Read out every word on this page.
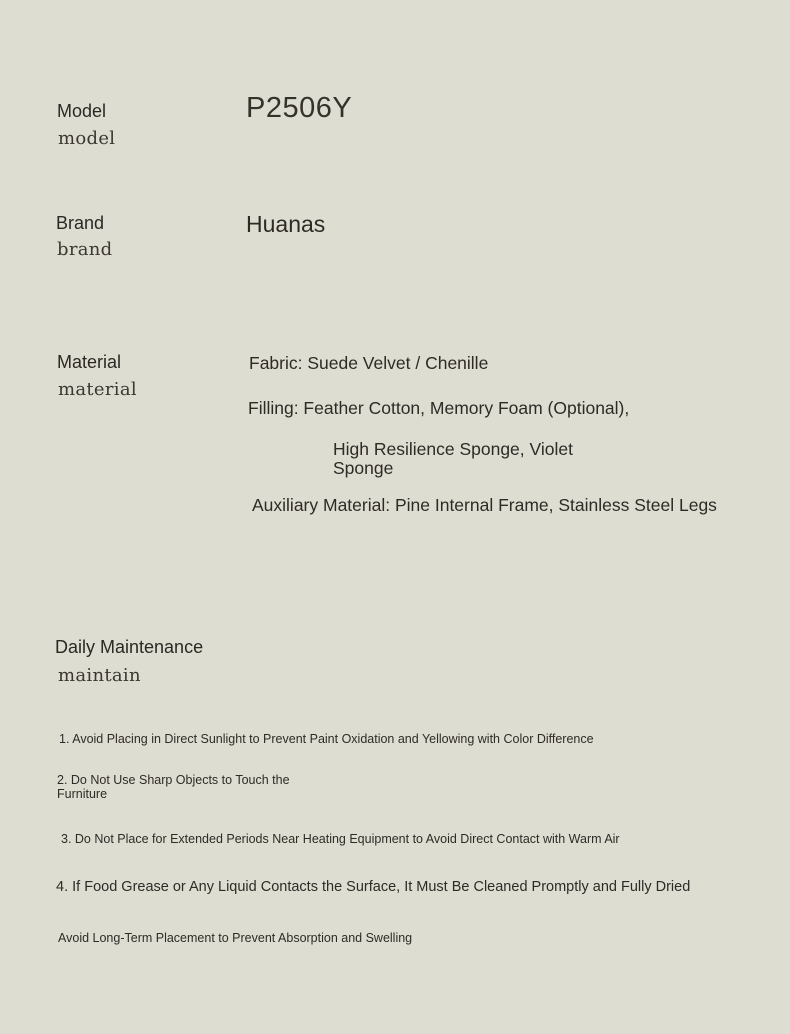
Model
model
P2506Y
Brand
brand
Huanas
Material
material
Fabric: Suede Velvet / Chenille
Filling: Feather Cotton, Memory Foam (Optional),
High Resilience Sponge, Violet Sponge
Auxiliary Material: Pine Internal Frame, Stainless Steel Legs
Daily Maintenance
maintain
1. Avoid Placing in Direct Sunlight to Prevent Paint Oxidation and Yellowing with Color Difference
2. Do Not Use Sharp Objects to Touch the Furniture
3. Do Not Place for Extended Periods Near Heating Equipment to Avoid Direct Contact with Warm Air
4. If Food Grease or Any Liquid Contacts the Surface, It Must Be Cleaned Promptly and Fully Dried
Avoid Long-Term Placement to Prevent Absorption and Swelling
